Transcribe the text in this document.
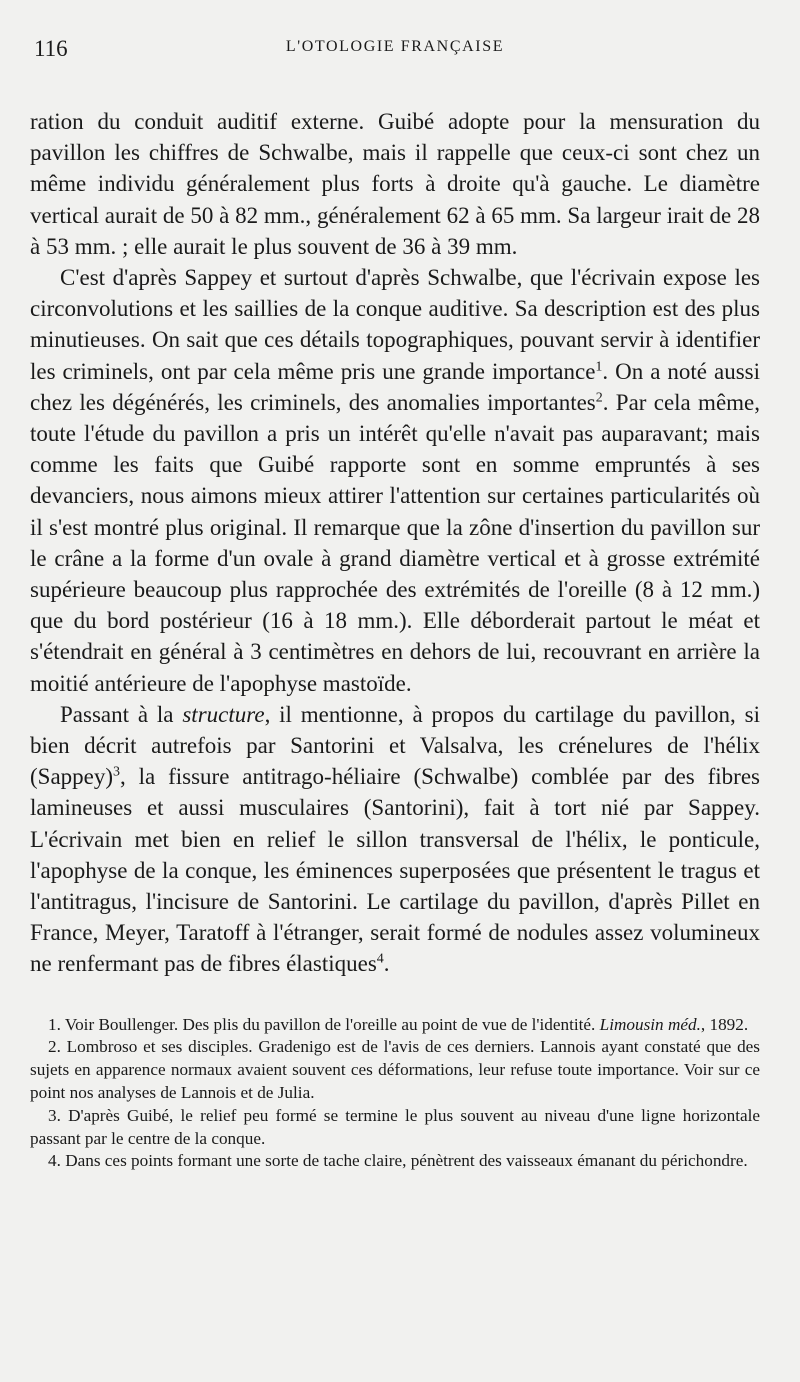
116	L'OTOLOGIE FRANÇAISE

ration du conduit auditif externe. Guibé adopte pour la mensuration du pavillon les chiffres de Schwalbe, mais il rappelle que ceux-ci sont chez un même individu généralement plus forts à droite qu'à gauche. Le diamètre vertical aurait de 50 à 82 mm., généralement 62 à 65 mm. Sa largeur irait de 28 à 53 mm. ; elle aurait le plus souvent de 36 à 39 mm.

C'est d'après Sappey et surtout d'après Schwalbe, que l'écrivain expose les circonvolutions et les saillies de la conque auditive. Sa description est des plus minutieuses. On sait que ces détails topographiques, pouvant servir à identifier les criminels, ont par cela même pris une grande importance$^1$. On a noté aussi chez les dégénérés, les criminels, des anomalies importantes$^2$. Par cela même, toute l'étude du pavillon a pris un intérêt qu'elle n'avait pas auparavant; mais comme les faits que Guibé rapporte sont en somme empruntés à ses devanciers, nous aimons mieux attirer l'attention sur certaines particularités où il s'est montré plus original. Il remarque que la zône d'insertion du pavillon sur le crâne a la forme d'un ovale à grand diamètre vertical et à grosse extrémité supérieure beaucoup plus rapprochée des extrémités de l'oreille (8 à 12 mm.) que du bord postérieur (16 à 18 mm.). Elle déborderait partout le méat et s'étendrait en général à 3 centimètres en dehors de lui, recouvrant en arrière la moitié antérieure de l'apophyse mastoïde.

Passant à la structure, il mentionne, à propos du cartilage du pavillon, si bien décrit autrefois par Santorini et Valsalva, les crénelures de l'hélix (Sappey)$^3$, la fissure antitrago-héliaire (Schwalbe) comblée par des fibres lamineuses et aussi musculaires (Santorini), fait à tort nié par Sappey. L'écrivain met bien en relief le sillon transversal de l'hélix, le ponticule, l'apophyse de la conque, les éminences superposées que présentent le tragus et l'antitragus, l'incisure de Santorini. Le cartilage du pavillon, d'après Pillet en France, Meyer, Taratoff à l'étranger, serait formé de nodules assez volumineux ne renfermant pas de fibres élastiques$^4$.

1. Voir Boullenger. Des plis du pavillon de l'oreille au point de vue de l'identité. Limousin méd., 1892.

2. Lombroso et ses disciples. Gradenigo est de l'avis de ces derniers. Lannois ayant constaté que des sujets en apparence normaux avaient souvent ces déformations, leur refuse toute importance. Voir sur ce point nos analyses de Lannois et de Julia.

3. D'après Guibé, le relief peu formé se termine le plus souvent au niveau d'une ligne horizontale passant par le centre de la conque.

4. Dans ces points formant une sorte de tache claire, pénètrent des vaisseaux émanant du périchondre.
